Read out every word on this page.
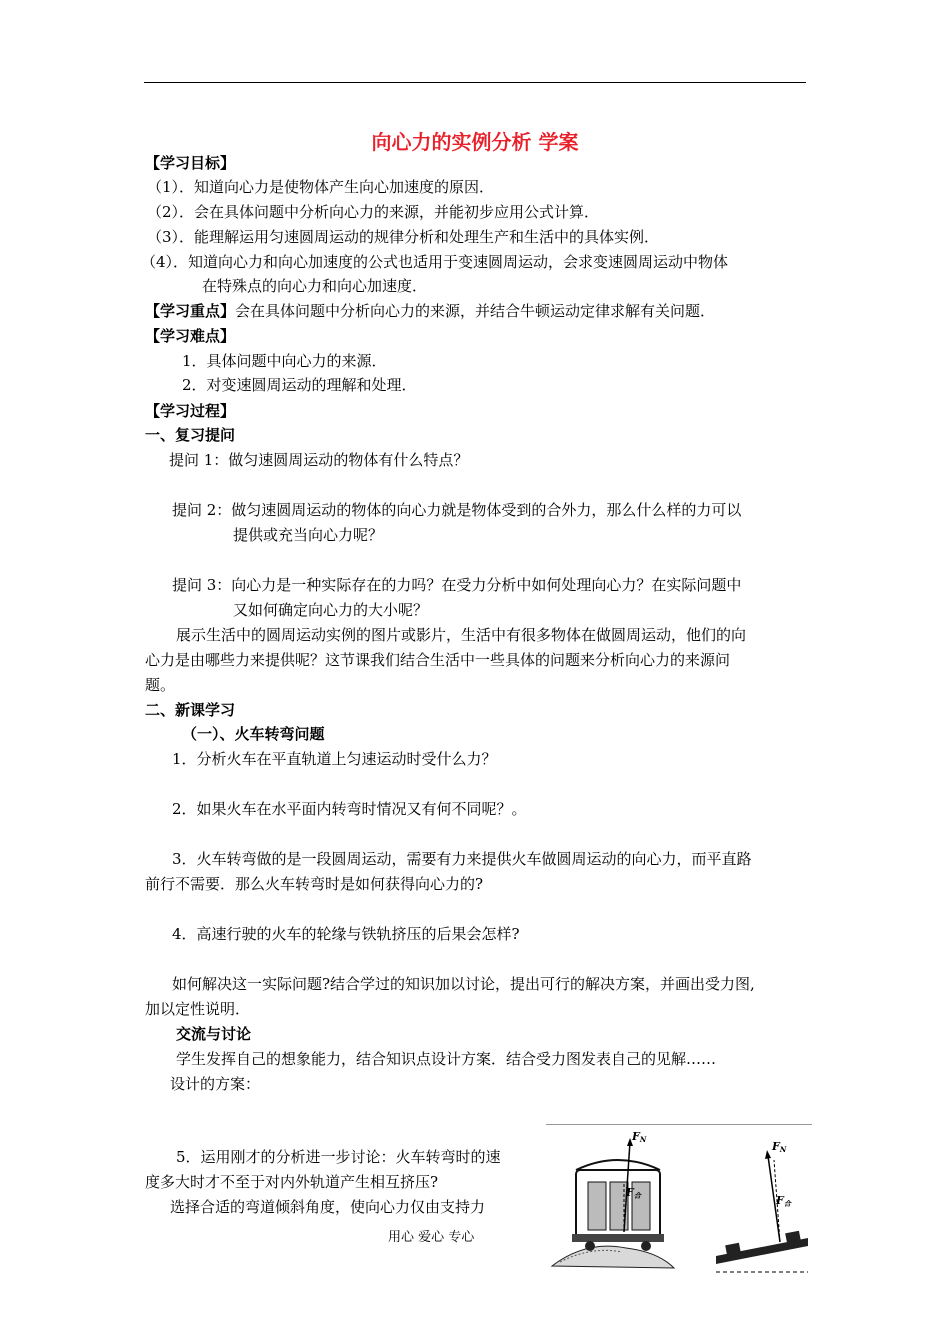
向心力的实例分析 学案
【学习目标】
（1）．知道向心力是使物体产生向心加速度的原因．
（2）．会在具体问题中分析向心力的来源，并能初步应用公式计算．
（3）．能理解运用匀速圆周运动的规律分析和处理生产和生活中的具体实例．
（4）．知道向心力和向心加速度的公式也适用于变速圆周运动，会求变速圆周运动中物体
在特殊点的向心力和向心加速度．
【学习重点】会在具体问题中分析向心力的来源，并结合牛顿运动定律求解有关问题．
【学习难点】
1．具体问题中向心力的来源．
2．对变速圆周运动的理解和处理．
【学习过程】
一、复习提问
提问 1：做匀速圆周运动的物体有什么特点？
提问 2：做匀速圆周运动的物体的向心力就是物体受到的合外力，那么什么样的力可以
提供或充当向心力呢？
提问 3：向心力是一种实际存在的力吗？在受力分析中如何处理向心力？在实际问题中
又如何确定向心力的大小呢？
展示生活中的圆周运动实例的图片或影片，生活中有很多物体在做圆周运动，他们的向
心力是由哪些力来提供呢？这节课我们结合生活中一些具体的问题来分析向心力的来源问
题。
二、新课学习
（一）、火车转弯问题
1．分析火车在平直轨道上匀速运动时受什么力？
2．如果火车在水平面内转弯时情况又有何不同呢？。
3．火车转弯做的是一段圆周运动，需要有力来提供火车做圆周运动的向心力，而平直路
前行不需要．那么火车转弯时是如何获得向心力的?
4．高速行驶的火车的轮缘与铁轨挤压的后果会怎样?
如何解决这一实际问题?结合学过的知识加以讨论，提出可行的解决方案，并画出受力图,
加以定性说明．
交流与讨论
学生发挥自己的想象能力，结合知识点设计方案．结合受力图发表自己的见解……
设计的方案：
5．运用刚才的分析进一步讨论：火车转弯时的速
度多大时才不至于对内外轨道产生相互挤压?
选择合适的弯道倾斜角度，使向心力仅由支持力
FN
F合
FN
F合
用心 爱心 专心
